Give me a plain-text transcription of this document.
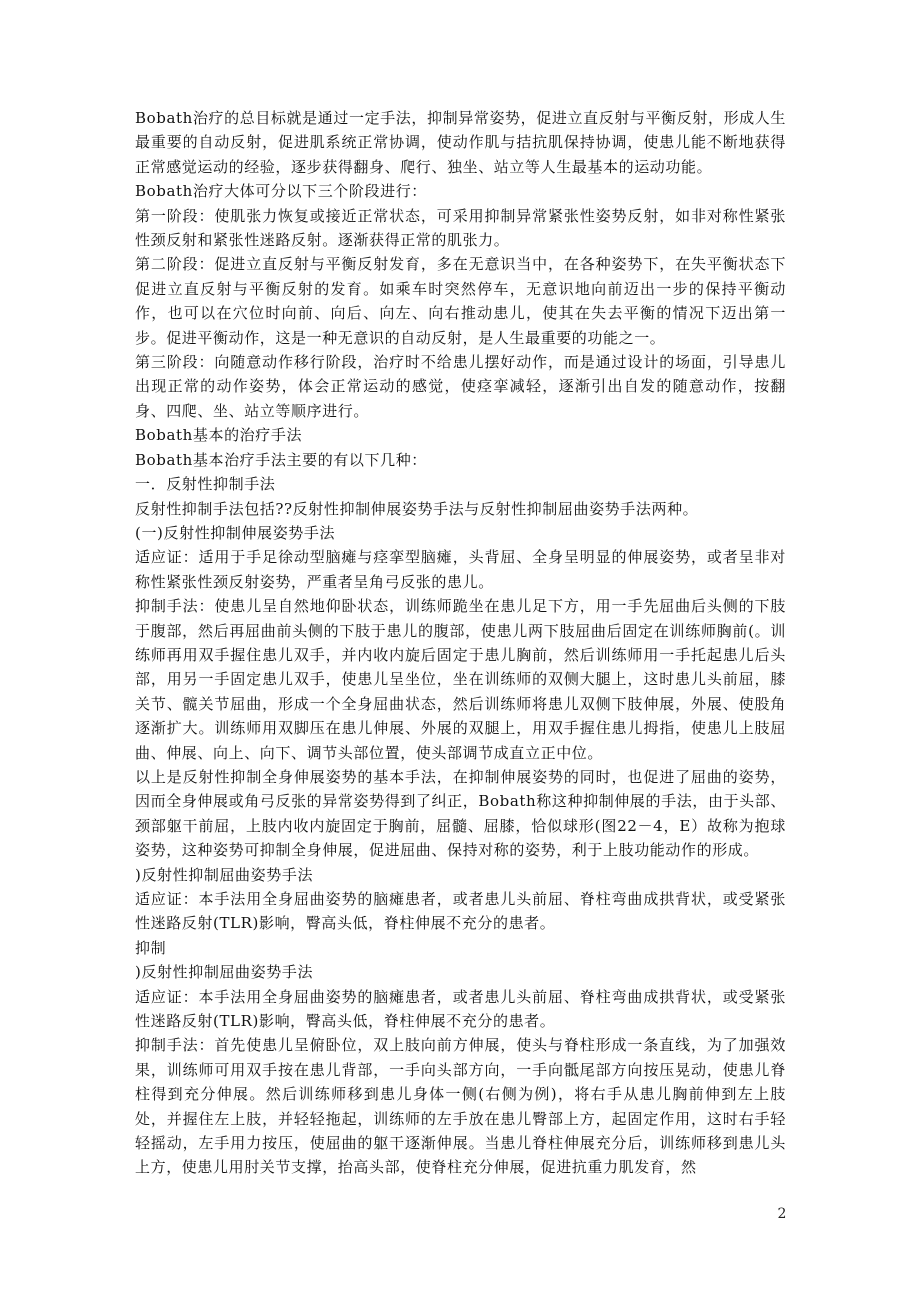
Bobath治疗的总目标就是通过一定手法，抑制异常姿势，促进立直反射与平衡反射，形成人生最重要的自动反射，促进肌系统正常协调，使动作肌与拮抗肌保持协调，使患儿能不断地获得正常感觉运动的经验，逐步获得翻身、爬行、独坐、站立等人生最基本的运动功能。

Bobath治疗大体可分以下三个阶段进行：

第一阶段：使肌张力恢复或接近正常状态，可采用抑制异常紧张性姿势反射，如非对称性紧张性颈反射和紧张性迷路反射。逐渐获得正常的肌张力。

第二阶段：促进立直反射与平衡反射发育，多在无意识当中，在各种姿势下，在失平衡状态下促进立直反射与平衡反射的发育。如乘车时突然停车，无意识地向前迈出一步的保持平衡动作，也可以在穴位时向前、向后、向左、向右推动患儿，使其在失去平衡的情况下迈出第一步。促进平衡动作，这是一种无意识的自动反射，是人生最重要的功能之一。

第三阶段：向随意动作移行阶段，治疗时不给患儿摆好动作，而是通过设计的场面，引导患儿出现正常的动作姿势，体会正常运动的感觉，使痉挛减轻，逐渐引出自发的随意动作，按翻身、四爬、坐、站立等顺序进行。

Bobath基本的治疗手法

Bobath基本治疗手法主要的有以下几种：

一．反射性抑制手法

反射性抑制手法包括??反射性抑制伸展姿势手法与反射性抑制屈曲姿势手法两种。

(一)反射性抑制伸展姿势手法

适应证：适用于手足徐动型脑瘫与痉挛型脑瘫，头背屈、全身呈明显的伸展姿势，或者呈非对称性紧张性颈反射姿势，严重者呈角弓反张的患儿。

抑制手法：使患儿呈自然地仰卧状态，训练师跪坐在患儿足下方，用一手先屈曲后头侧的下肢于腹部，然后再屈曲前头侧的下肢于患儿的腹部，使患儿两下肢屈曲后固定在训练师胸前(。训练师再用双手握住患儿双手，并内收内旋后固定于患儿胸前，然后训练师用一手托起患儿后头部，用另一手固定患儿双手，使患儿呈坐位，坐在训练师的双侧大腿上，这时患儿头前屈，膝关节、髋关节屈曲，形成一个全身屈曲状态，然后训练师将患儿双侧下肢伸展，外展、使股角逐渐扩大。训练师用双脚压在患儿伸展、外展的双腿上，用双手握住患儿拇指，使患儿上肢屈曲、伸展、向上、向下、调节头部位置，使头部调节成直立正中位。

以上是反射性抑制全身伸展姿势的基本手法，在抑制伸展姿势的同时，也促进了屈曲的姿势，因而全身伸展或角弓反张的异常姿势得到了纠正，Bobath称这种抑制伸展的手法，由于头部、颈部躯干前屈，上肢内收内旋固定于胸前，屈髓、屈膝，恰似球形(图22－4，E）故称为抱球姿势，这种姿势可抑制全身伸展，促进屈曲、保持对称的姿势，利于上肢功能动作的形成。

)反射性抑制屈曲姿势手法

适应证：本手法用全身屈曲姿势的脑瘫患者，或者患儿头前屈、脊柱弯曲成拱背状，或受紧张性迷路反射(TLR)影响，臀高头低，脊柱伸展不充分的患者。

抑制

)反射性抑制屈曲姿势手法

适应证：本手法用全身屈曲姿势的脑瘫患者，或者患儿头前屈、脊柱弯曲成拱背状，或受紧张性迷路反射(TLR)影响，臀高头低，脊柱伸展不充分的患者。

抑制手法：首先使患儿呈俯卧位，双上肢向前方伸展，使头与脊柱形成一条直线，为了加强效果，训练师可用双手按在患儿背部，一手向头部方向，一手向骶尾部方向按压晃动，使患儿脊柱得到充分伸展。然后训练师移到患儿身体一侧(右侧为例)，将右手从患儿胸前伸到左上肢处，并握住左上肢，并轻轻拖起，训练师的左手放在患儿臀部上方，起固定作用，这时右手轻轻摇动，左手用力按压，使屈曲的躯干逐渐伸展。当患儿脊柱伸展充分后，训练师移到患儿头上方，使患儿用肘关节支撑，抬高头部，使脊柱充分伸展，促进抗重力肌发育，然

2
